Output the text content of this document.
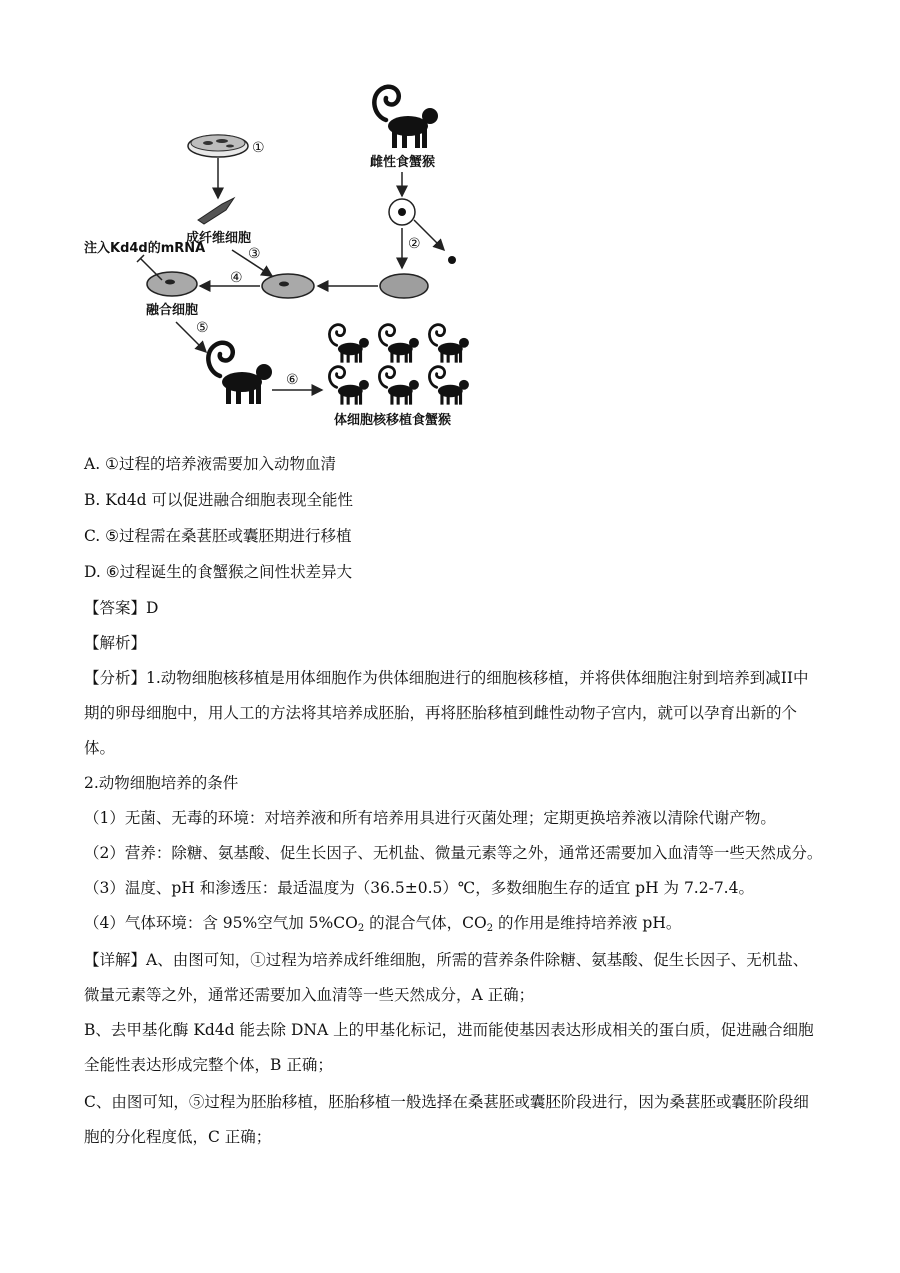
①
成纤维细胞
③
雌性食蟹猴
②
④
注入Kd4d的mRNA
融合细胞
⑤
⑥
体细胞核移植食蟹猴
A. ①过程的培养液需要加入动物血清
B. Kd4d 可以促进融合细胞表现全能性
C. ⑤过程需在桑葚胚或囊胚期进行移植
D. ⑥过程诞生的食蟹猴之间性状差异大
【答案】D
【解析】
【分析】1.动物细胞核移植是用体细胞作为供体细胞进行的细胞核移植，并将供体细胞注射到培养到减II中
期的卵母细胞中，用人工的方法将其培养成胚胎，再将胚胎移植到雌性动物子宫内，就可以孕育出新的个
体。
2.动物细胞培养的条件
（1）无菌、无毒的环境：对培养液和所有培养用具进行灭菌处理；定期更换培养液以清除代谢产物。
（2）营养：除糖、氨基酸、促生长因子、无机盐、微量元素等之外，通常还需要加入血清等一些天然成分。
（3）温度、pH 和渗透压：最适温度为（36.5±0.5）℃，多数细胞生存的适宜 pH 为 7.2-7.4。
（4）气体环境：含 95%空气加 $5\%CO_2$ 的混合气体，$CO_2$ 的作用是维持培养液 pH。
【详解】A、由图可知，①过程为培养成纤维细胞，所需的营养条件除糖、氨基酸、促生长因子、无机盐、
微量元素等之外，通常还需要加入血清等一些天然成分，A 正确；
B、去甲基化酶 Kd4d 能去除 DNA 上的甲基化标记，进而能使基因表达形成相关的蛋白质，促进融合细胞
全能性表达形成完整个体，B 正确；
C、由图可知，⑤过程为胚胎移植，胚胎移植一般选择在桑葚胚或囊胚阶段进行，因为桑葚胚或囊胚阶段细
胞的分化程度低，C 正确；
